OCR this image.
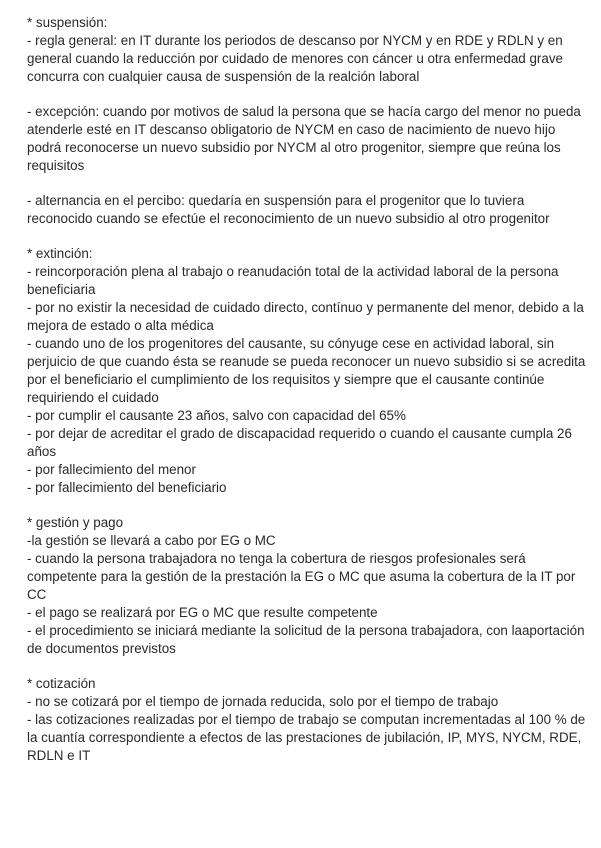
* suspensión:

- regla general: en IT durante los periodos de descanso por NYCM y en RDE y RDLN y en general cuando la reducción por cuidado de menores con cáncer u otra enfermedad grave concurra con cualquier causa de suspensión de la realción laboral

- excepción: cuando por motivos de salud la persona que se hacía cargo del menor no pueda atenderle esté en IT descanso obligatorio de NYCM en caso de nacimiento de nuevo hijo podrá reconocerse un nuevo subsidio por NYCM al otro progenitor, siempre que reúna los requisitos

- alternancia en el percibo: quedaría en suspensión para el progenitor que lo tuviera reconocido cuando se efectúe el reconocimiento de un nuevo subsidio al otro progenitor

* extinción:

- reincorporación plena al trabajo o reanudación total de la actividad laboral de la persona beneficiaria

- por no existir la necesidad de cuidado directo, contínuo y permanente del menor, debido a la mejora de estado o alta médica

- cuando uno de los progenitores del causante, su cónyuge cese en actividad laboral, sin perjuicio de que cuando ésta se reanude se pueda reconocer un nuevo subsidio si se acredita por el beneficiario el cumplimiento de los requisitos y siempre que el causante continúe requiriendo el cuidado

- por cumplir el causante 23 años, salvo con capacidad del 65%

- por dejar de acreditar el grado de discapacidad requerido o cuando el causante cumpla 26 años

- por fallecimiento del menor

- por fallecimiento del beneficiario

* gestión y pago

-la gestión se llevará a cabo por EG o MC

- cuando la persona trabajadora no tenga la cobertura de riesgos profesionales será competente para la gestión de la prestación la EG o MC que asuma la cobertura de la IT por CC

- el pago se realizará por EG o MC que resulte competente

- el procedimiento se iniciará mediante la solicitud de la persona trabajadora, con laaportación de documentos previstos

* cotización

- no se cotizará por el tiempo de jornada reducida, solo por el tiempo de trabajo

- las cotizaciones realizadas por el tiempo de trabajo se computan incrementadas al 100 % de la cuantía correspondiente a efectos de las prestaciones de jubilación, IP, MYS, NYCM, RDE, RDLN e IT
